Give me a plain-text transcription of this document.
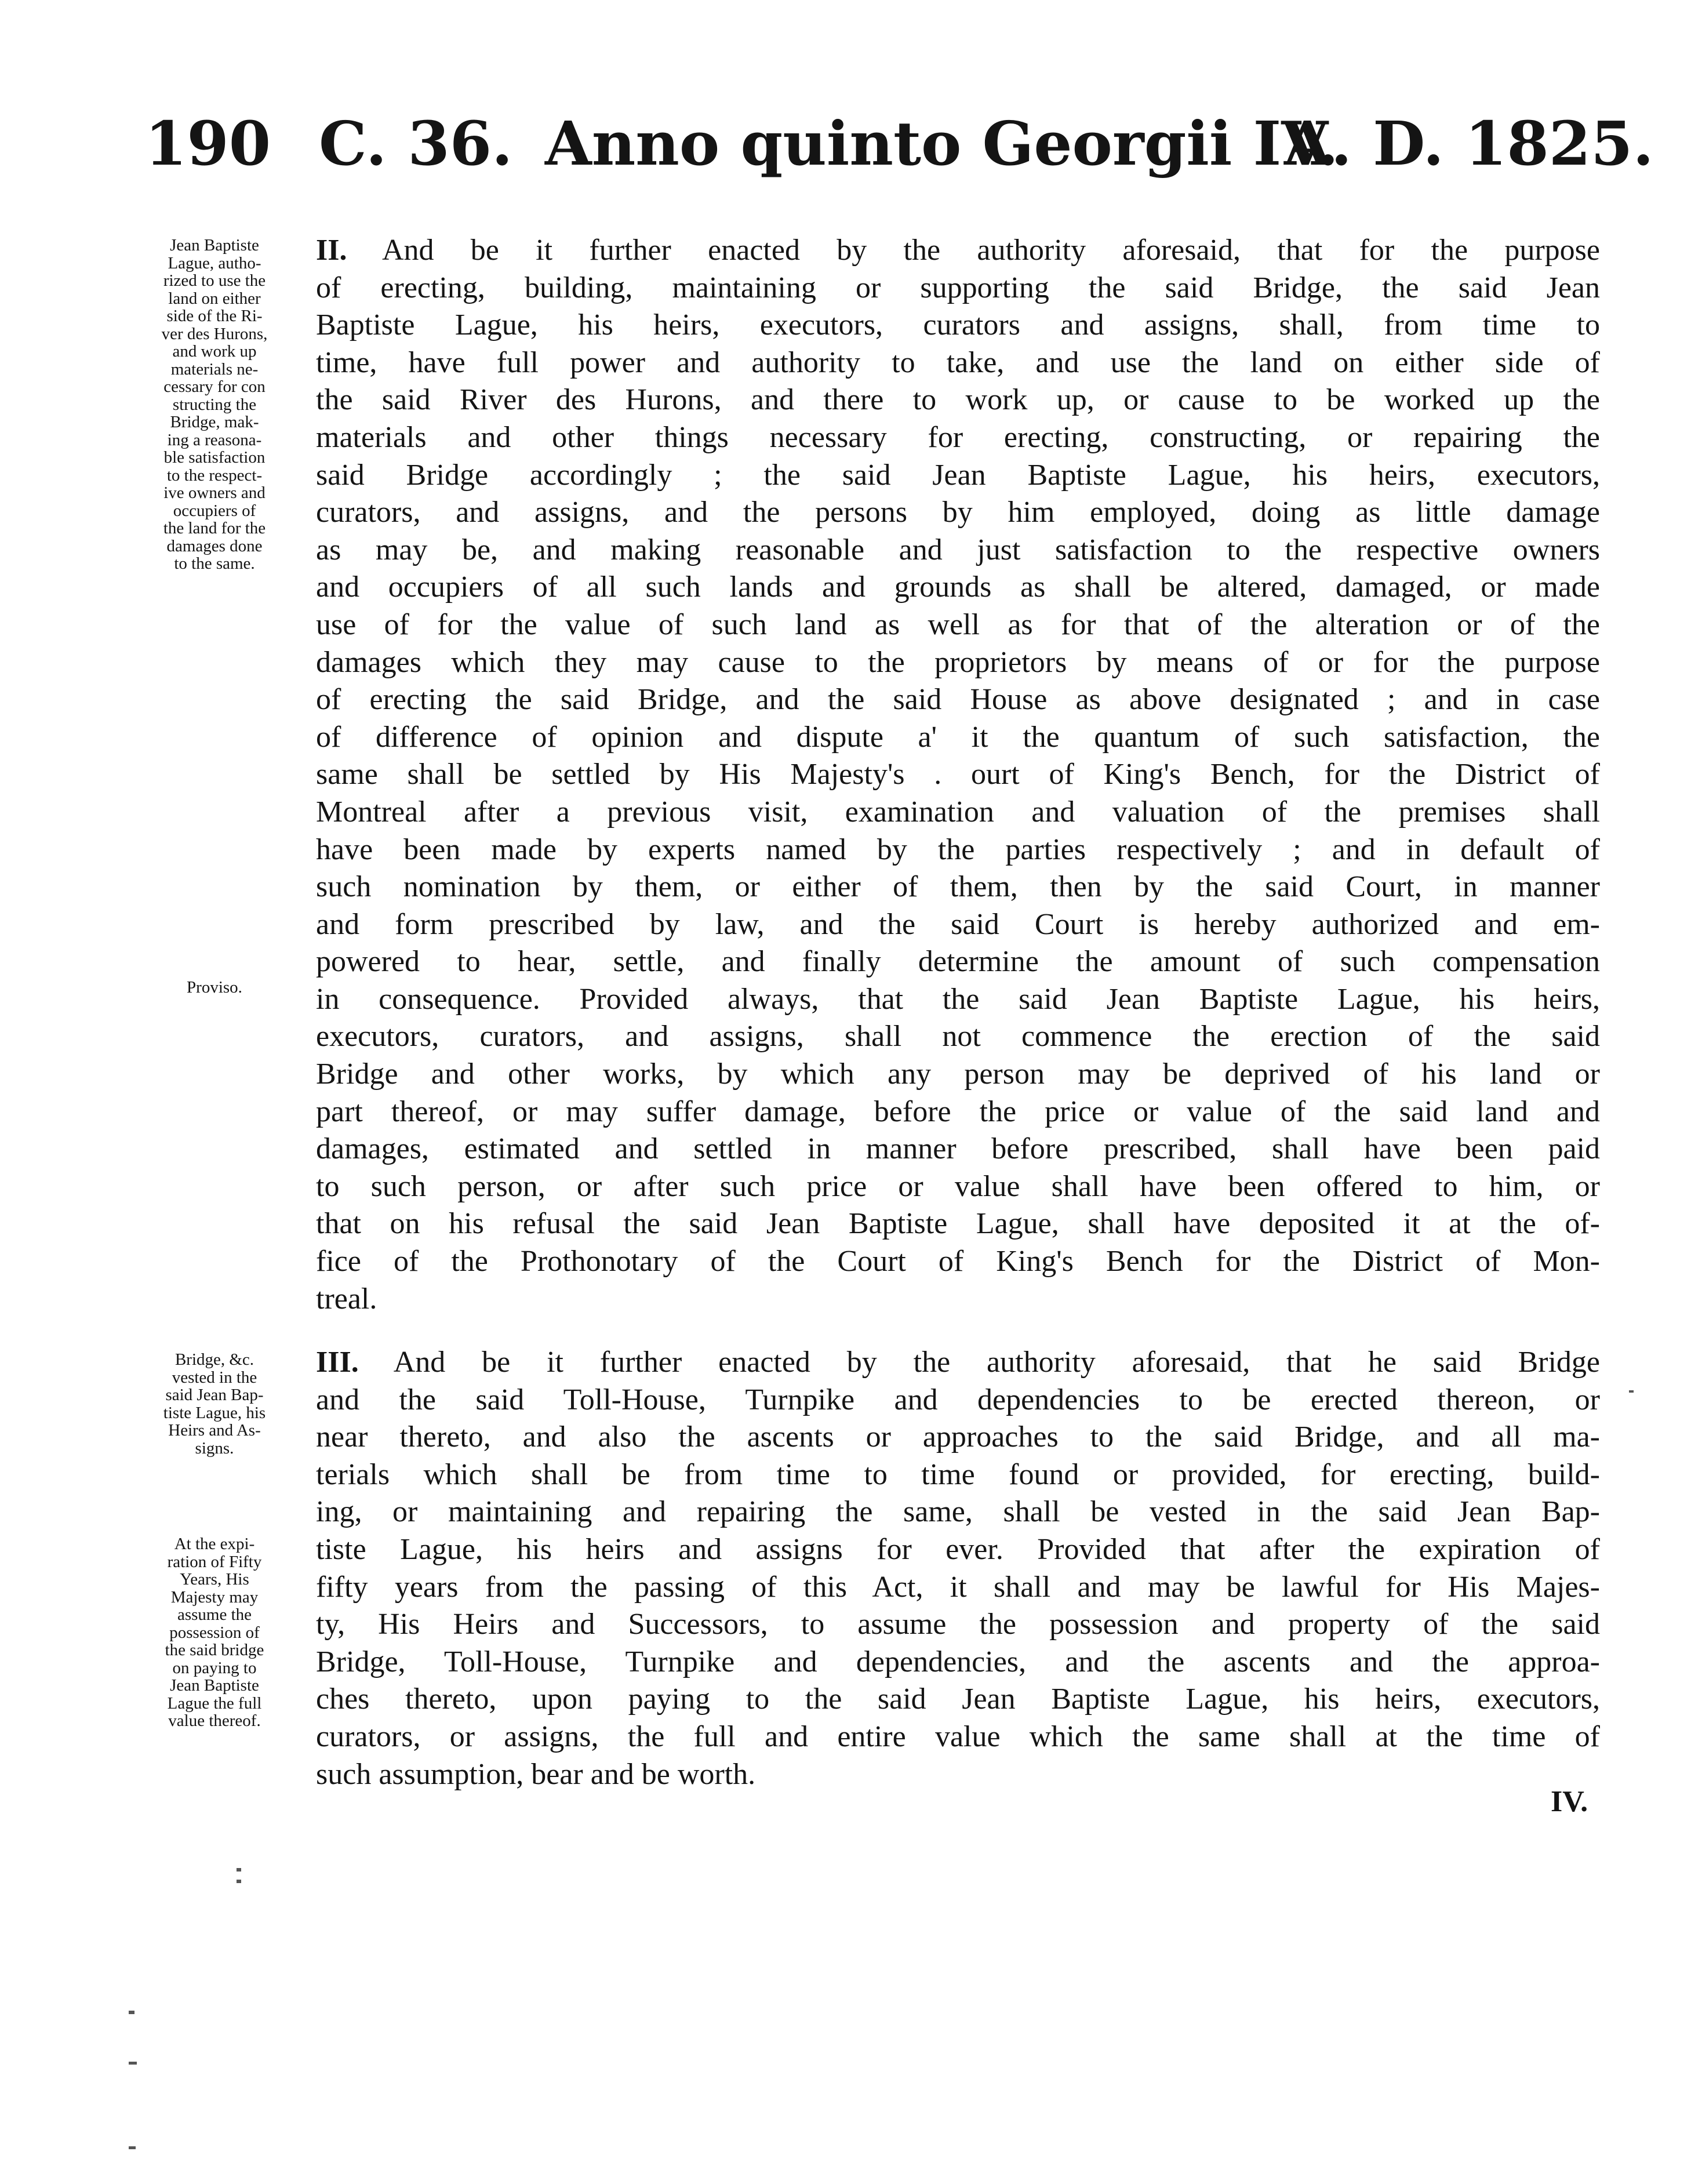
190 C. 36. Anno quinto Georgii IV.
A. D. 1825.
Jean Baptiste
Lague, autho-
rized to use the
land on either
side of the Ri-
ver des Hurons,
and work up
materials ne-
cessary for con
structing the
Bridge, mak-
ing a reasona-
ble satisfaction
to the respect-
ive owners and
occupiers of
the land for the
damages done
to the same.
Proviso.
Bridge, &c.
vested in the
said Jean Bap-
tiste Lague, his
Heirs and As-
signs.
At the expi-
ration of Fifty
Years, His
Majesty may
assume the
possession of
the said bridge
on paying to
Jean Baptiste
Lague the full
value thereof.
II. And be it further enacted by the authority aforesaid, that for the purpose
of erecting, building, maintaining or supporting the said Bridge, the said Jean
Baptiste Lague, his heirs, executors, curators and assigns, shall, from time to
time, have full power and authority to take, and use the land on either side of
the said River des Hurons, and there to work up, or cause to be worked up the
materials and other things necessary for erecting, constructing, or repairing the
said Bridge accordingly ; the said Jean Baptiste Lague, his heirs, executors,
curators, and assigns, and the persons by him employed, doing as little damage
as may be, and making reasonable and just satisfaction to the respective owners
and occupiers of all such lands and grounds as shall be altered, damaged, or made
use of for the value of such land as well as for that of the alteration or of the
damages which they may cause to the proprietors by means of or for the purpose
of erecting the said Bridge, and the said House as above designated ; and in case
of difference of opinion and dispute a' it the quantum of such satisfaction, the
same shall be settled by His Majesty's . ourt of King's Bench, for the District of
Montreal after a previous visit, examination and valuation of the premises shall
have been made by experts named by the parties respectively ; and in default of
such nomination by them, or either of them, then by the said Court, in manner
and form prescribed by law, and the said Court is hereby authorized and em-
powered to hear, settle, and finally determine the amount of such compensation
in consequence. Provided always, that the said Jean Baptiste Lague, his heirs,
executors, curators, and assigns, shall not commence the erection of the said
Bridge and other works, by which any person may be deprived of his land or
part thereof, or may suffer damage, before the price or value of the said land and
damages, estimated and settled in manner before prescribed, shall have been paid
to such person, or after such price or value shall have been offered to him, or
that on his refusal the said Jean Baptiste Lague, shall have deposited it at the of-
fice of the Prothonotary of the Court of King's Bench for the District of Mon-
treal.
III. And be it further enacted by the authority aforesaid, that he said Bridge
and the said Toll-House, Turnpike and dependencies to be erected thereon, or
near thereto, and also the ascents or approaches to the said Bridge, and all ma-
terials which shall be from time to time found or provided, for erecting, build-
ing, or maintaining and repairing the same, shall be vested in the said Jean Bap-
tiste Lague, his heirs and assigns for ever. Provided that after the expiration of
fifty years from the passing of this Act, it shall and may be lawful for His Majes-
ty, His Heirs and Successors, to assume the possession and property of the said
Bridge, Toll-House, Turnpike and dependencies, and the ascents and the approa-
ches thereto, upon paying to the said Jean Baptiste Lague, his heirs, executors,
curators, or assigns, the full and entire value which the same shall at the time of
such assumption, bear and be worth.
IV.
